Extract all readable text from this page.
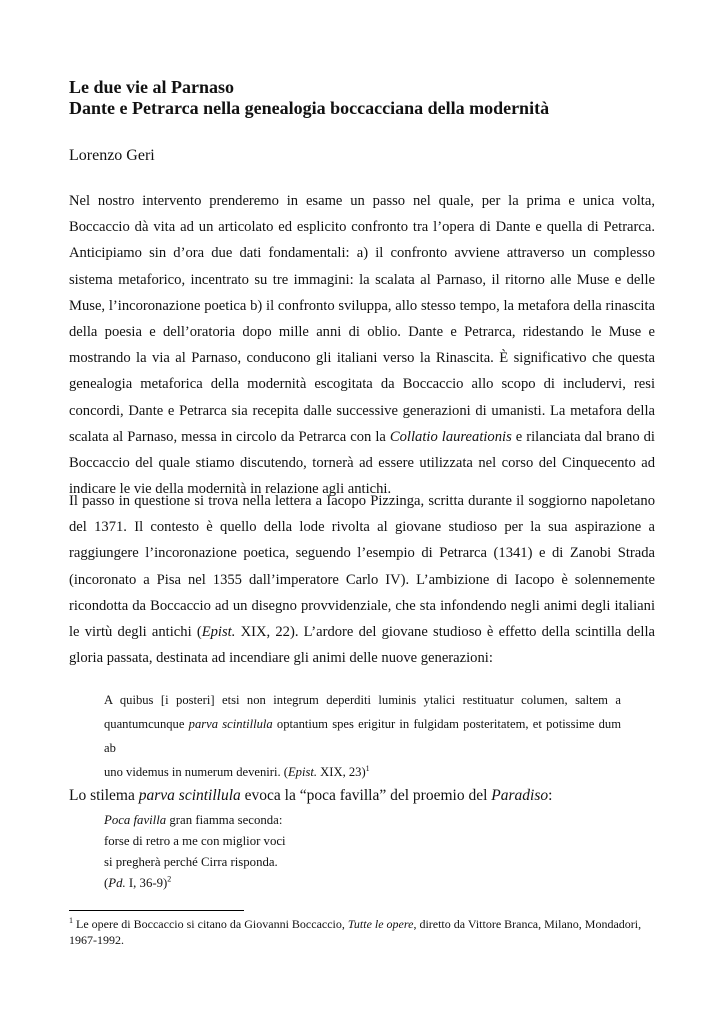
Le due vie al Parnaso

Dante e Petrarca nella genealogia boccacciana della modernità

Lorenzo Geri
Nel nostro intervento prenderemo in esame un passo nel quale, per la prima e unica volta,
Boccaccio dà vita ad un articolato ed esplicito confronto tra l’opera di Dante e quella di Petrarca.
Anticipiamo sin d’ora due dati fondamentali: a) il confronto avviene attraverso un complesso
sistema metaforico, incentrato su tre immagini: la scalata al Parnaso, il ritorno alle Muse e delle
Muse, l’incoronazione poetica b) il confronto sviluppa, allo stesso tempo, la metafora della rinascita
della poesia e dell’oratoria dopo mille anni di oblio. Dante e Petrarca, ridestando le Muse e
mostrando la via al Parnaso, conducono gli italiani verso la Rinascita. È significativo che questa
genealogia metaforica della modernità escogitata da Boccaccio allo scopo di includervi, resi
concordi, Dante e Petrarca sia recepita dalle successive generazioni di umanisti. La metafora della
scalata al Parnaso, messa in circolo da Petrarca con la Collatio laureationis e rilanciata dal brano di
Boccaccio del quale stiamo discutendo, tornerà ad essere utilizzata nel corso del Cinquecento ad
indicare le vie della modernità in relazione agli antichi.
Il passo in questione si trova nella lettera a Iacopo Pizzinga, scritta durante il soggiorno napoletano
del 1371. Il contesto è quello della lode rivolta al giovane studioso per la sua aspirazione a
raggiungere l’incoronazione poetica, seguendo l’esempio di Petrarca (1341) e di Zanobi Strada
(incoronato a Pisa nel 1355 dall’imperatore Carlo IV). L’ambizione di Iacopo è solennemente
ricondotta da Boccaccio ad un disegno provvidenziale, che sta infondendo negli animi degli italiani
le virtù degli antichi (Epist. XIX, 22). L’ardore del giovane studioso è effetto della scintilla della
gloria passata, destinata ad incendiare gli animi delle nuove generazioni:
A quibus [i posteri] etsi non integrum deperditi luminis ytalici restituatur columen, saltem a
quantumcunque parva scintillula optantium spes erigitur in fulgidam posteritatem, et potissime dum ab
uno videmus in numerum deveniri. (Epist. XIX, 23)$^1$

Lo stilema parva scintillula evoca la “poca favilla” del proemio del Paradiso:

Poca favilla gran fiamma seconda:
forse di retro a me con miglior voci
si pregherà perché Cirra risponda.
(Pd. I, 36-9)$^2$

$^1$ Le opere di Boccaccio si citano da Giovanni Boccaccio, Tutte le opere, diretto da Vittore Branca, Milano, Mondadori, 1967-1992.
